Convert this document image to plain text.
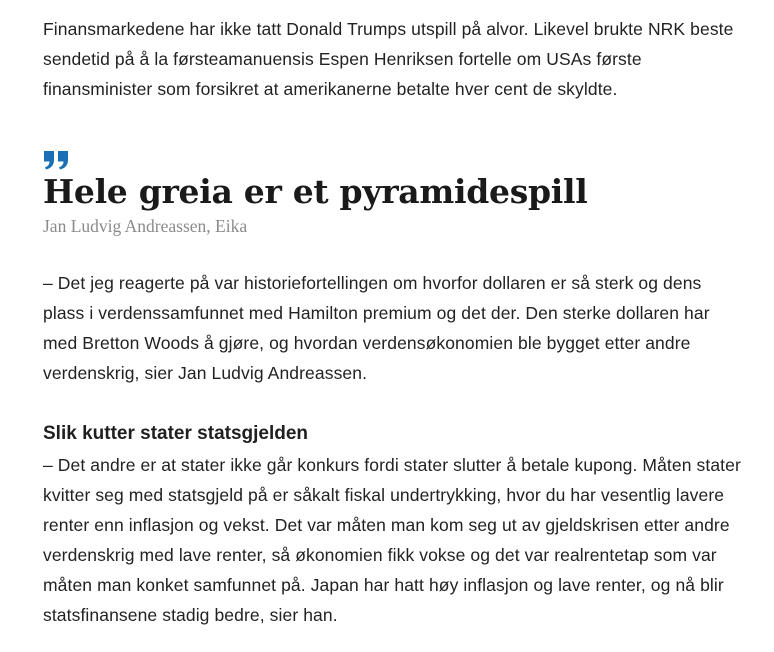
Finansmarkedene har ikke tatt Donald Trumps utspill på alvor. Likevel brukte NRK beste sendetid på å la førsteamanuensis Espen Henriksen fortelle om USAs første finansminister som forsikret at amerikanerne betalte hver cent de skyldte.

Hele greia er et pyramidespill

Jan Ludvig Andreassen, Eika

– Det jeg reagerte på var historiefortellingen om hvorfor dollaren er så sterk og dens plass i verdenssamfunnet med Hamilton premium og det der. Den sterke dollaren har med Bretton Woods å gjøre, og hvordan verdensøkonomien ble bygget etter andre verdenskrig, sier Jan Ludvig Andreassen.

Slik kutter stater statsgjelden

– Det andre er at stater ikke går konkurs fordi stater slutter å betale kupong. Måten stater kvitter seg med statsgjeld på er såkalt fiskal undertrykking, hvor du har vesentlig lavere renter enn inflasjon og vekst. Det var måten man kom seg ut av gjeldskrisen etter andre verdenskrig med lave renter, så økonomien fikk vokse og det var realrentetap som var måten man konket samfunnet på. Japan har hatt høy inflasjon og lave renter, og nå blir statsfinansene stadig bedre, sier han.
